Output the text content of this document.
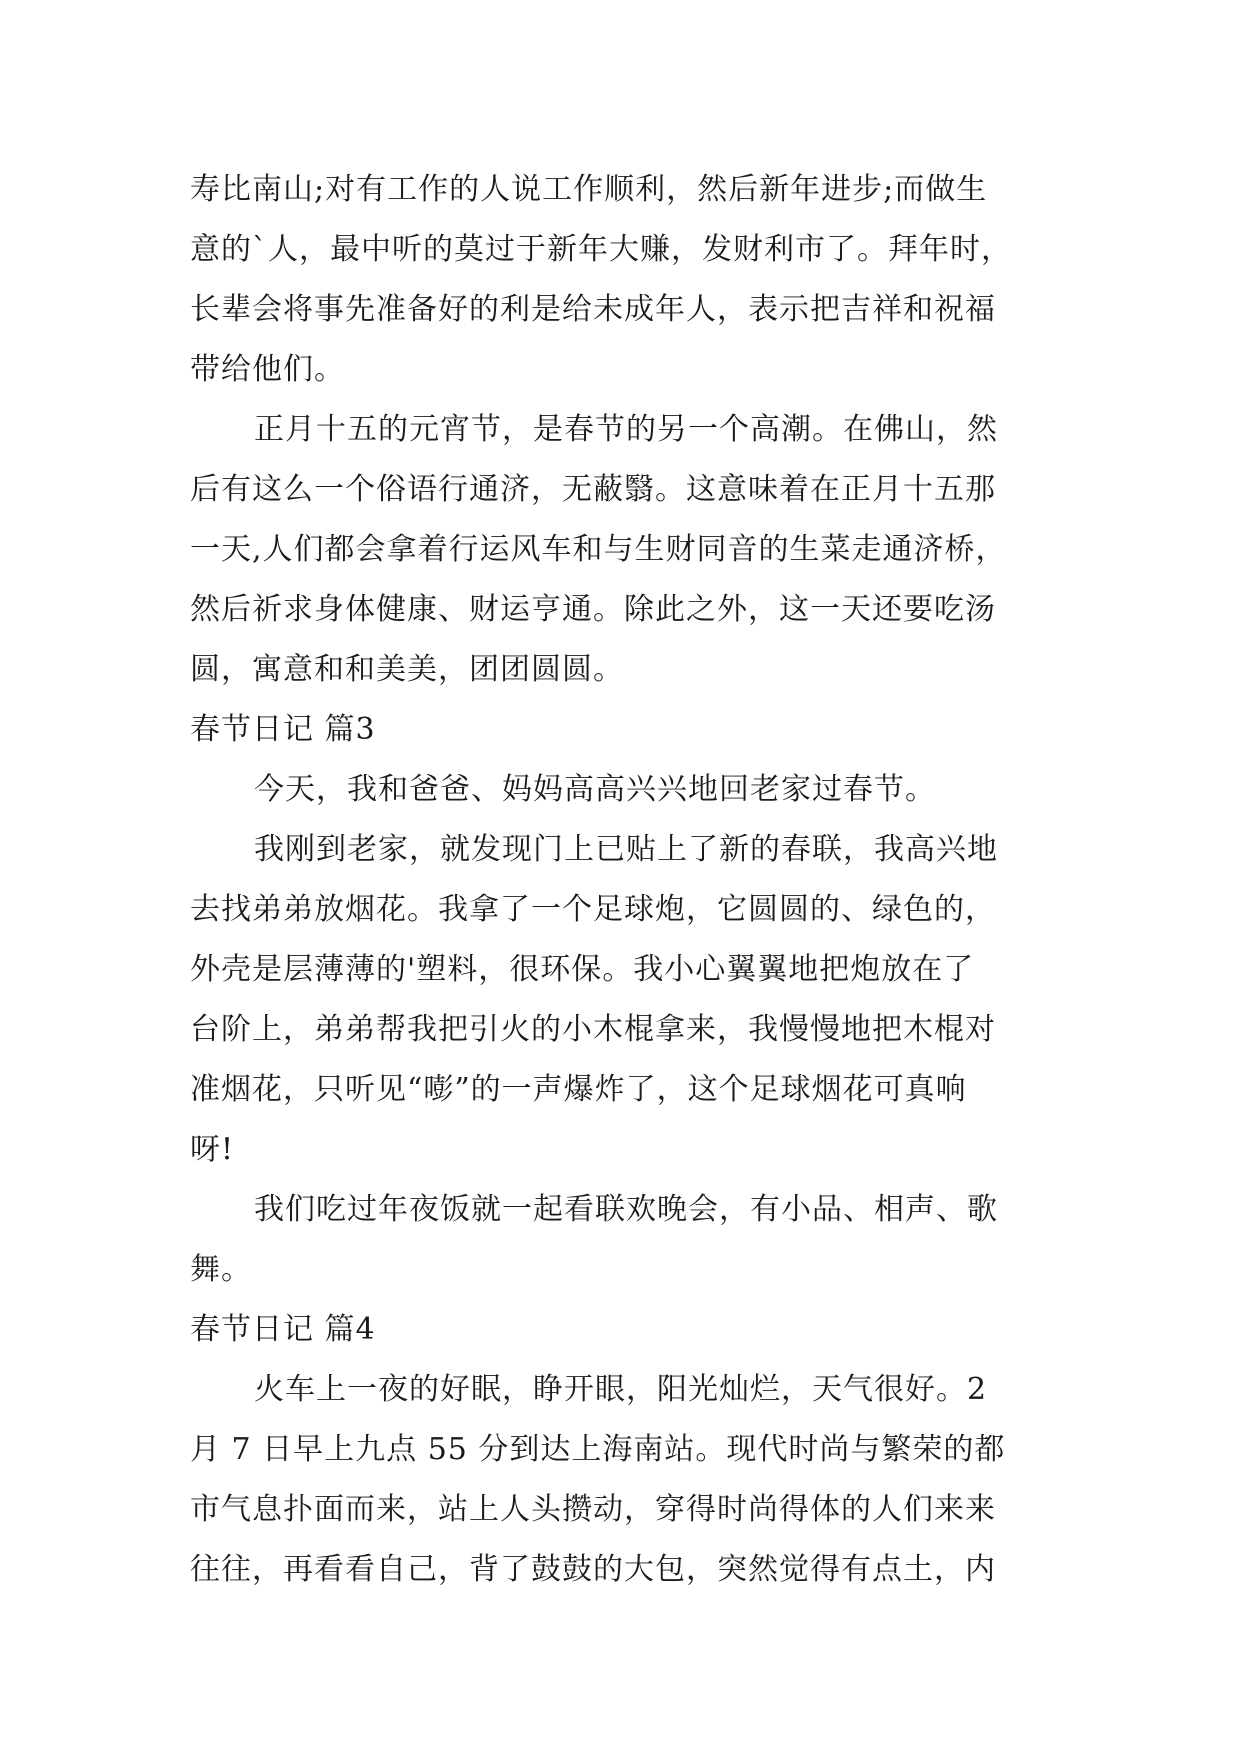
寿比南山;对有工作的人说工作顺利，然后新年进步;而做生
意的`人，最中听的莫过于新年大赚，发财利市了。拜年时，
长辈会将事先准备好的利是给未成年人，表示把吉祥和祝福
带给他们。
正月十五的元宵节，是春节的另一个高潮。在佛山，然
后有这么一个俗语行通济，无蔽翳。这意味着在正月十五那
一天,人们都会拿着行运风车和与生财同音的生菜走通济桥，
然后祈求身体健康、财运亨通。除此之外，这一天还要吃汤
圆，寓意和和美美，团团圆圆。
春节日记 篇3
今天，我和爸爸、妈妈高高兴兴地回老家过春节。
我刚到老家，就发现门上已贴上了新的春联，我高兴地
去找弟弟放烟花。我拿了一个足球炮，它圆圆的、绿色的，
外壳是层薄薄的'塑料，很环保。我小心翼翼地把炮放在了
台阶上，弟弟帮我把引火的小木棍拿来，我慢慢地把木棍对
准烟花，只听见“嘭”的一声爆炸了，这个足球烟花可真响
呀!
我们吃过年夜饭就一起看联欢晚会，有小品、相声、歌
舞。
春节日记 篇4
火车上一夜的好眠，睁开眼，阳光灿烂，天气很好。2
月 7 日早上九点 55 分到达上海南站。现代时尚与繁荣的都
市气息扑面而来，站上人头攒动，穿得时尚得体的人们来来
往往，再看看自己，背了鼓鼓的大包，突然觉得有点土，内
